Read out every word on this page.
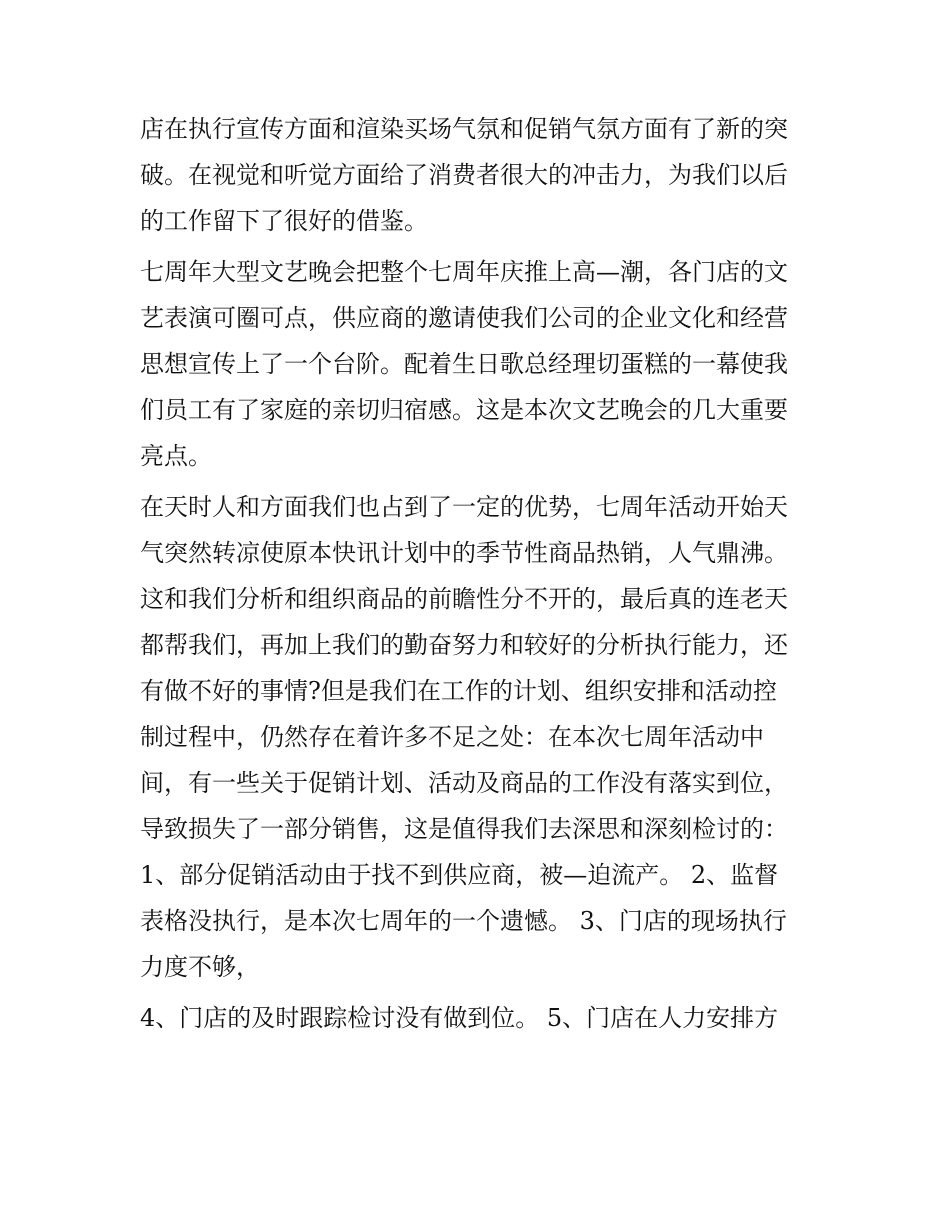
店在执行宣传方面和渲染买场气氛和促销气氛方面有了新的突
破。在视觉和听觉方面给了消费者很大的冲击力，为我们以后
的工作留下了很好的借鉴。
七周年大型文艺晚会把整个七周年庆推上高—潮，各门店的文
艺表演可圈可点，供应商的邀请使我们公司的企业文化和经营
思想宣传上了一个台阶。配着生日歌总经理切蛋糕的一幕使我
们员工有了家庭的亲切归宿感。这是本次文艺晚会的几大重要
亮点。
在天时人和方面我们也占到了一定的优势，七周年活动开始天
气突然转凉使原本快讯计划中的季节性商品热销，人气鼎沸。
这和我们分析和组织商品的前瞻性分不开的，最后真的连老天
都帮我们，再加上我们的勤奋努力和较好的分析执行能力，还
有做不好的事情?但是我们在工作的计划、组织安排和活动控
制过程中，仍然存在着许多不足之处：在本次七周年活动中
间，有一些关于促销计划、活动及商品的工作没有落实到位，
导致损失了一部分销售，这是值得我们去深思和深刻检讨的：
1、部分促销活动由于找不到供应商，被—迫流产。 2、监督
表格没执行，是本次七周年的一个遗憾。 3、门店的现场执行
力度不够，
4、门店的及时跟踪检讨没有做到位。 5、门店在人力安排方
